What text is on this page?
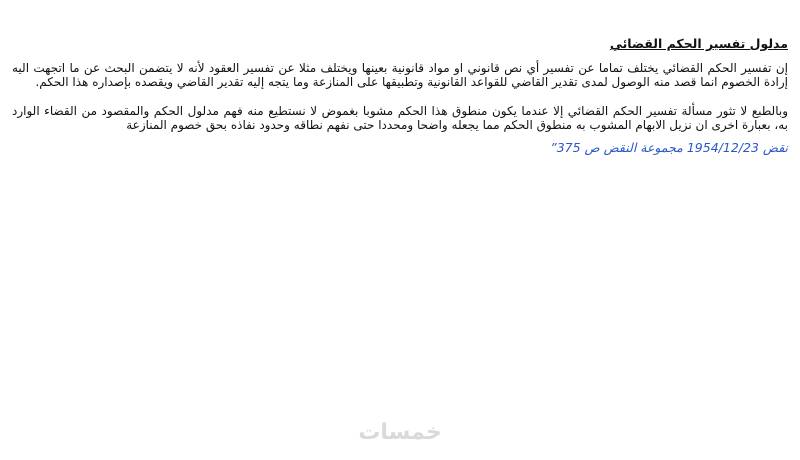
مدلول تفسير الحكم القضائي

إن تفسير الحكم القضائي يختلف تماما عن تفسير أي نص قانوني او مواد قانونية بعينها ويختلف مثلا عن تفسير العقود لأنه لا يتضمن البحث عن ما اتجهت اليه إرادة الخصوم انما قصد منه الوصول لمدى تقدير القاضي للقواعد القانونية وتطبيقها على المنازعة وما يتجه إليه تقدير القاضي ويقصده بإصداره هذا الحكم.

وبالطبع لا تثور مسألة تفسير الحكم القضائي إلا عندما يكون منطوق هذا الحكم مشوبا بغموض لا نستطيع منه فهم مدلول الحكم والمقصود من القضاء الوارد به، بعبارة اخرى ان نزيل الابهام المشوب به منطوق الحكم مما يجعله واضحا ومحددا حتى نفهم نطاقه وحدود نفاذه بحق خصوم المنازعة

نقض 1954/12/23 مجموعة النقض ص 375”
خمسات
